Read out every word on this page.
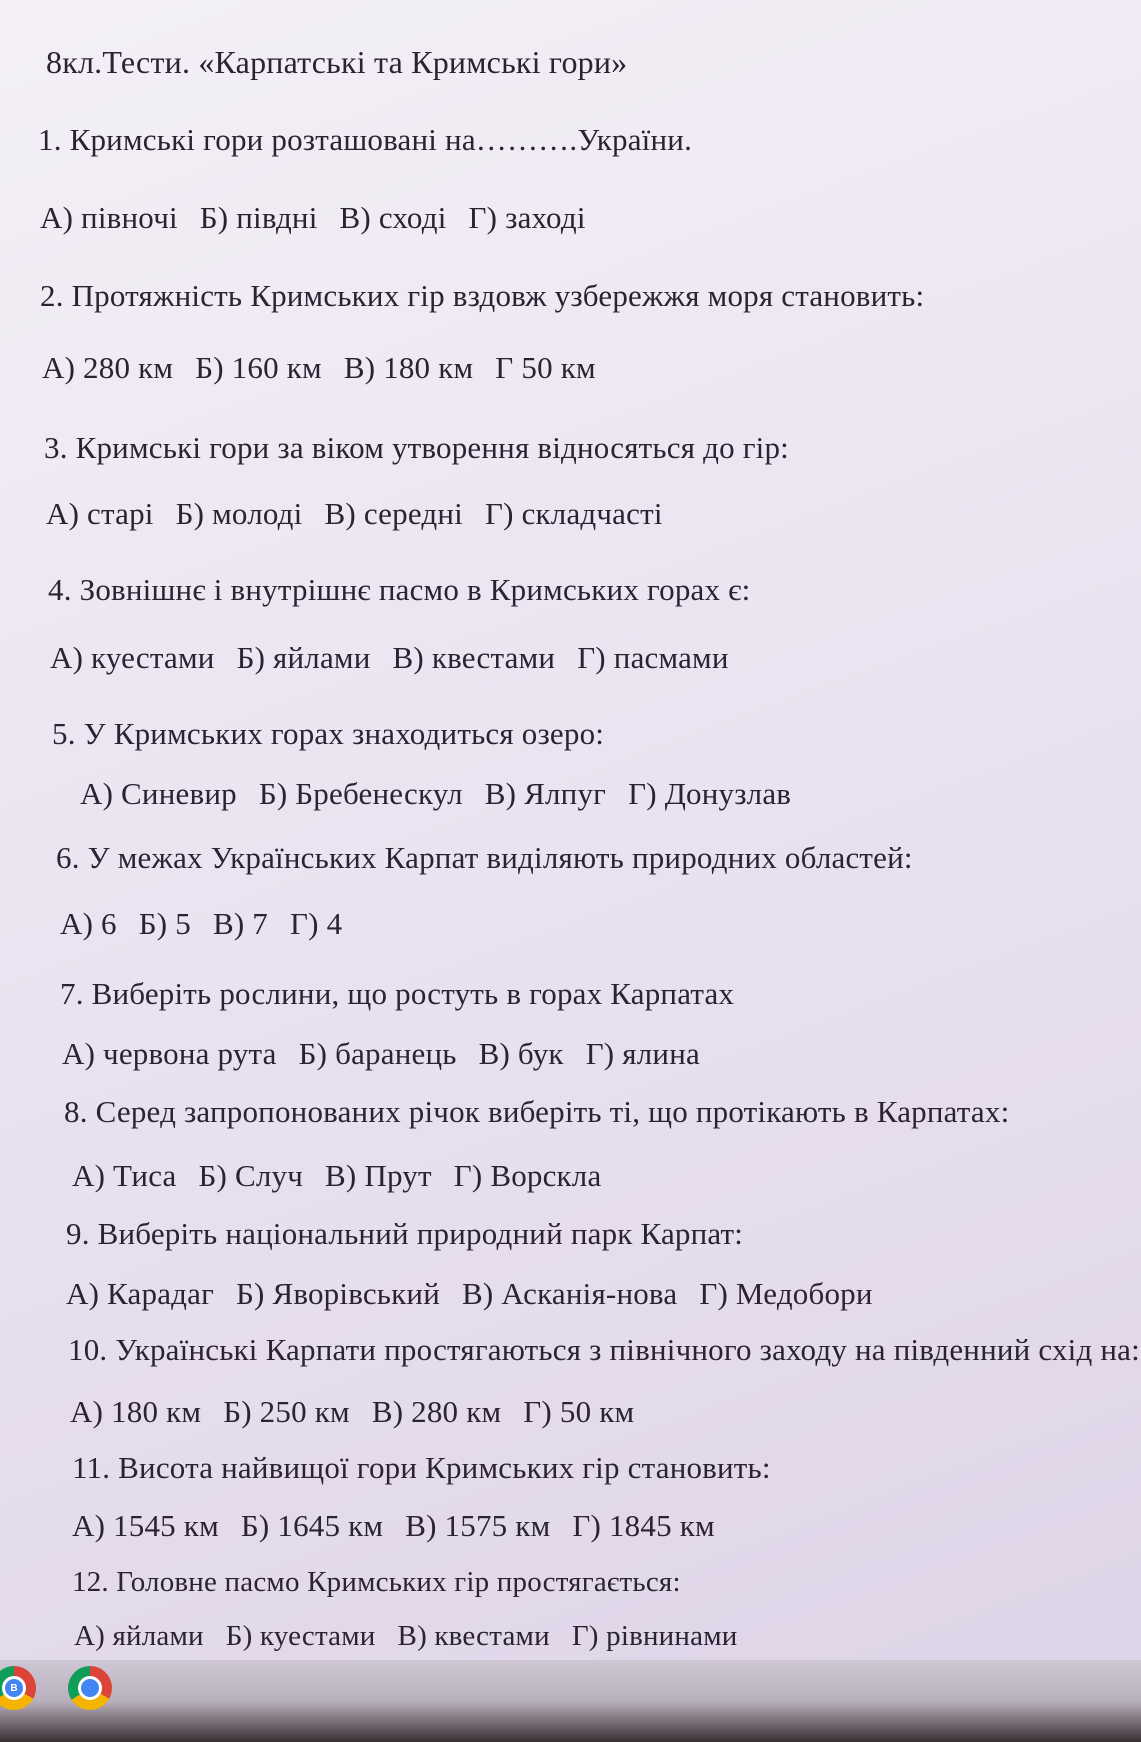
8кл.Тести. «Карпатські та Кримські гори»
1. Кримські гори розташовані на……….України.
А) півночі Б) півдні В) сході Г) заході
2. Протяжність Кримських гір вздовж узбережжя моря становить:
А) 280 км Б) 160 км В) 180 км Г 50 км
3. Кримські гори за віком утворення відносяться до гір:
А) старі Б) молоді В) середні Г) складчасті
4. Зовнішнє і внутрішнє пасмо в Кримських горах є:
А) куестами Б) яйлами В) квестами Г) пасмами
5. У Кримських горах знаходиться озеро:
А) Синевир Б) Бребенескул В) Ялпуг Г) Донузлав
6. У межах Українських Карпат виділяють природних областей:
А) 6 Б) 5 В) 7 Г) 4
7. Виберіть рослини, що ростуть в горах Карпатах
А) червона рута Б) баранець В) бук Г) ялина
8. Серед запропонованих річок виберіть ті, що протікають в Карпатах:
А) Тиса Б) Случ В) Прут Г) Ворскла
9. Виберіть національний природний парк Карпат:
А) Карадаг Б) Яворівський В) Асканія-нова Г) Медобори
10. Українські Карпати простягаються з північного заходу на південний схід на:
А) 180 км Б) 250 км В) 280 км Г) 50 км
11. Висота найвищої гори Кримських гір становить:
А) 1545 км Б) 1645 км В) 1575 км Г) 1845 км
12. Головне пасмо Кримських гір простягається:
А) яйлами Б) куестами В) квестами Г) рівнинами
B
